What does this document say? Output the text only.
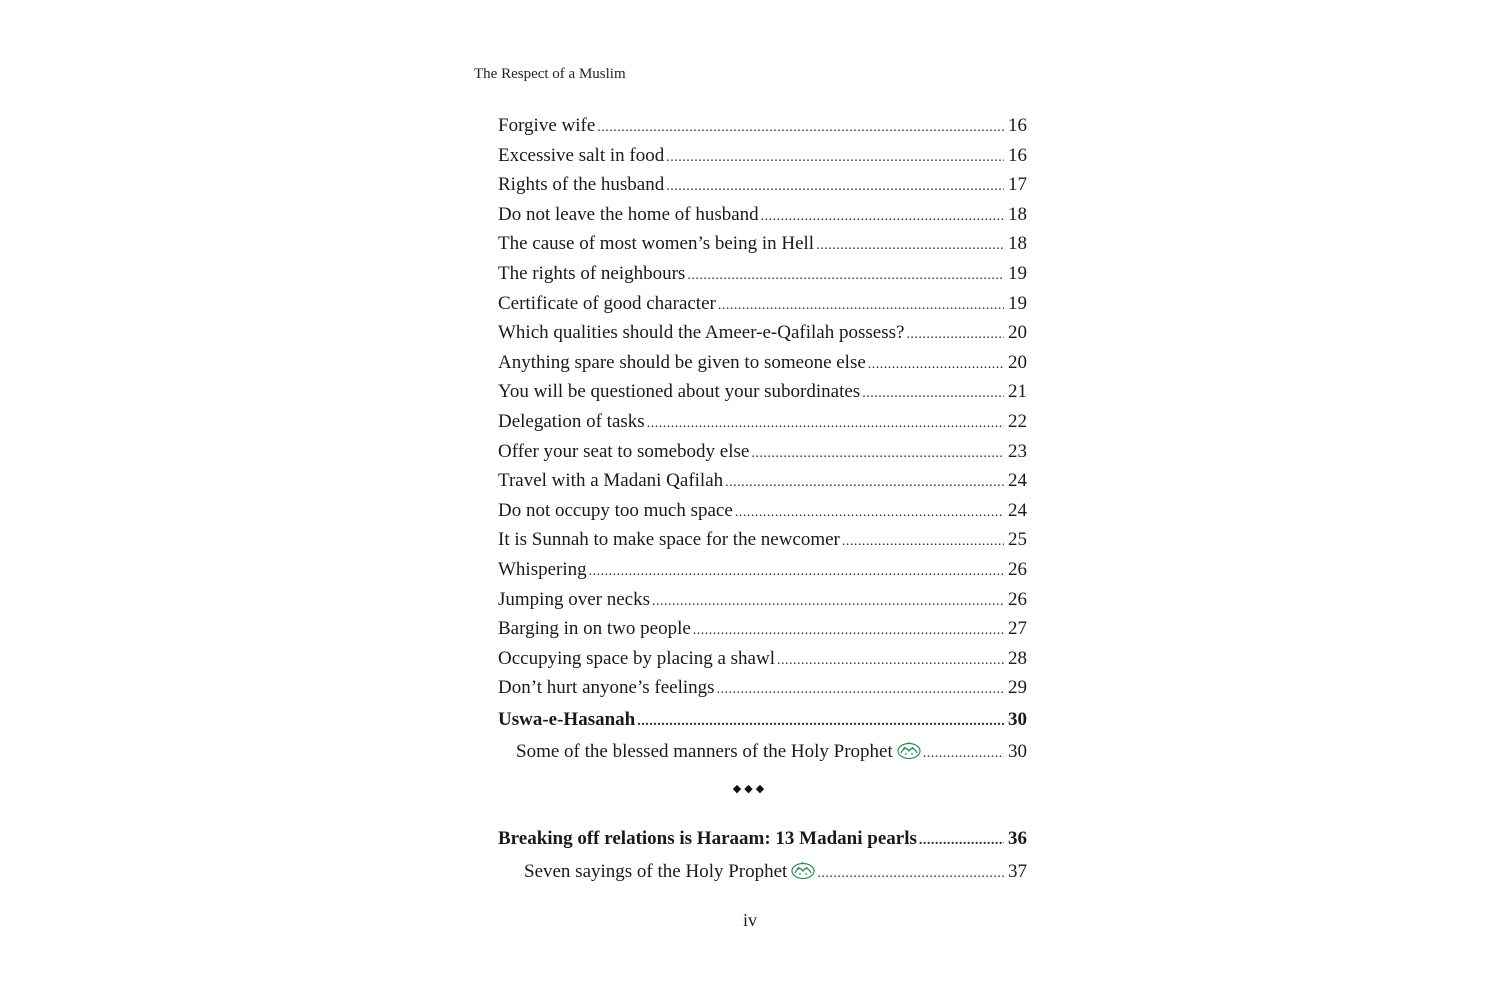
The Respect of a Muslim
Forgive wife .....	16
Excessive salt in food .....	16
Rights of the husband .....	17
Do not leave the home of husband .....	18
The cause of most women’s being in Hell .....	18
The rights of neighbours .....	19
Certificate of good character .....	19
Which qualities should the Ameer-e-Qafilah possess? .....	20
Anything spare should be given to someone else .....	20
You will be questioned about your subordinates .....	21
Delegation of tasks .....	22
Offer your seat to somebody else .....	23
Travel with a Madani Qafilah .....	24
Do not occupy too much space .....	24
It is Sunnah to make space for the newcomer .....	25
Whispering .....	26
Jumping over necks .....	26
Barging in on two people .....	27
Occupying space by placing a shawl .....	28
Don’t hurt anyone’s feelings .....	29
Uswa-e-Hasanah .....	30
Some of the blessed manners of the Holy Prophet .....	30
◆◆◆
Breaking off relations is Haraam: 13 Madani pearls .....	36
Seven sayings of the Holy Prophet .....	37
iv
